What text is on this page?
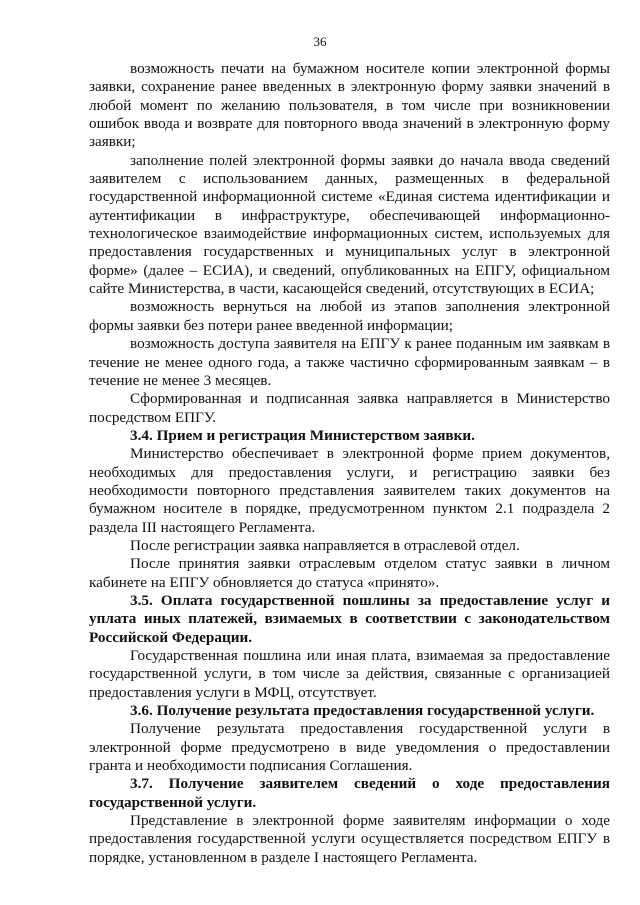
36

возможность печати на бумажном носителе копии электронной формы заявки, сохранение ранее введенных в электронную форму заявки значений в любой момент по желанию пользователя, в том числе при возникновении ошибок ввода и возврате для повторного ввода значений в электронную форму заявки;

заполнение полей электронной формы заявки до начала ввода сведений заявителем с использованием данных, размещенных в федеральной государственной информационной системе «Единая система идентификации и аутентификации в инфраструктуре, обеспечивающей информационно-технологическое взаимодействие информационных систем, используемых для предоставления государственных и муниципальных услуг в электронной форме» (далее – ЕСИА), и сведений, опубликованных на ЕПГУ, официальном сайте Министерства, в части, касающейся сведений, отсутствующих в ЕСИА;

возможность вернуться на любой из этапов заполнения электронной формы заявки без потери ранее введенной информации;

возможность доступа заявителя на ЕПГУ к ранее поданным им заявкам в течение не менее одного года, а также частично сформированным заявкам – в течение не менее 3 месяцев.

Сформированная и подписанная заявка направляется в Министерство посредством ЕПГУ.

3.4. Прием и регистрация Министерством заявки.

Министерство обеспечивает в электронной форме прием документов, необходимых для предоставления услуги, и регистрацию заявки без необходимости повторного представления заявителем таких документов на бумажном носителе в порядке, предусмотренном пунктом 2.1 подраздела 2 раздела III настоящего Регламента.

После регистрации заявка направляется в отраслевой отдел.

После принятия заявки отраслевым отделом статус заявки в личном кабинете на ЕПГУ обновляется до статуса «принято».

3.5. Оплата государственной пошлины за предоставление услуг и уплата иных платежей, взимаемых в соответствии с законодательством Российской Федерации.

Государственная пошлина или иная плата, взимаемая за предоставление государственной услуги, в том числе за действия, связанные с организацией предоставления услуги в МФЦ, отсутствует.

3.6. Получение результата предоставления государственной услуги.

Получение результата предоставления государственной услуги в электронной форме предусмотрено в виде уведомления о предоставлении гранта и необходимости подписания Соглашения.

3.7. Получение заявителем сведений о ходе предоставления государственной услуги.

Представление в электронной форме заявителям информации о ходе предоставления государственной услуги осуществляется посредством ЕПГУ в порядке, установленном в разделе I настоящего Регламента.
